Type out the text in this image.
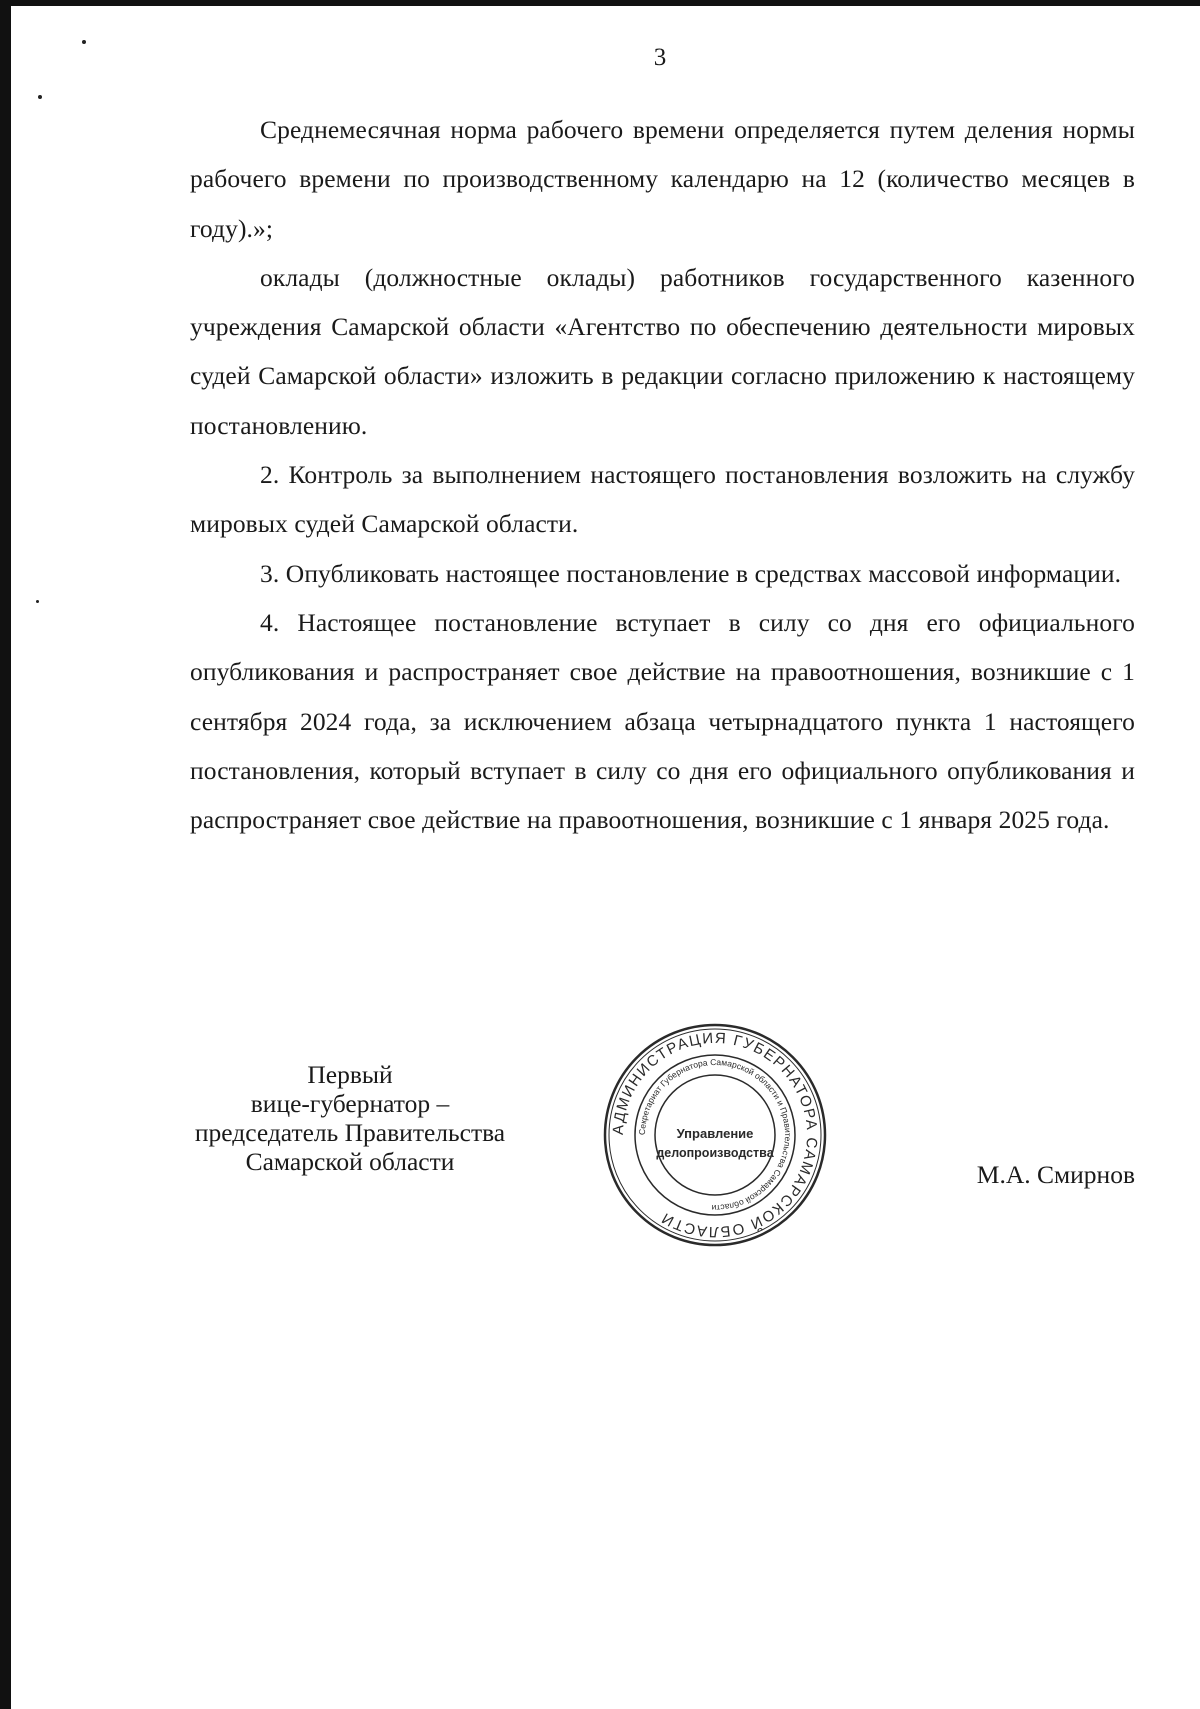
3

Среднемесячная норма рабочего времени определяется путем деления нормы рабочего времени по производственному календарю на 12 (количество месяцев в году).»;

оклады (должностные оклады) работников государственного казенного учреждения Самарской области «Агентство по обеспечению деятельности мировых судей Самарской области» изложить в редакции согласно приложению к настоящему постановлению.

2. Контроль за выполнением настоящего постановления возложить на службу мировых судей Самарской области.

3. Опубликовать настоящее постановление в средствах массовой информации.

4. Настоящее постановление вступает в силу со дня его официального опубликования и распространяет свое действие на правоотношения, возникшие с 1 сентября 2024 года, за исключением абзаца четырнадцатого пункта 1 настоящего постановления, который вступает в силу со дня его официального опубликования и распространяет свое действие на правоотношения, возникшие с 1 января 2025 года.

Первый
вице-губернатор –
председатель Правительства
Самарской области
АДМИНИСТРАЦИЯ ГУБЕРНАТОРА САМАРСКОЙ ОБЛАСТИ
Секретариат Губернатора Самарской области и Правительства Самарской области
Управление
делопроизводства
М.А. Смирнов
